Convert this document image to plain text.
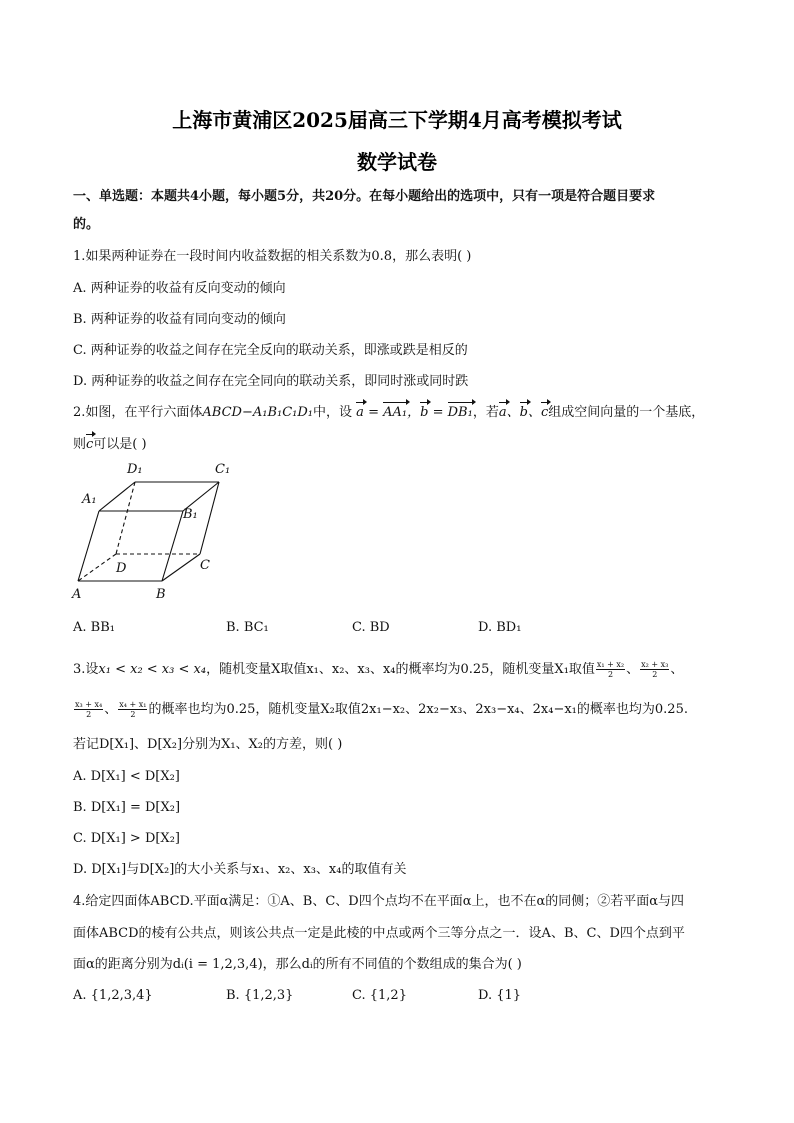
上海市黄浦区2025届高三下学期4月高考模拟考试
数学试卷
一、单选题：本题共4小题，每小题5分，共20分。在每小题给出的选项中，只有一项是符合题目要求
的。
1.如果两种证券在一段时间内收益数据的相关系数为0.8，那么表明( )
A. 两种证券的收益有反向变动的倾向
B. 两种证券的收益有同向变动的倾向
C. 两种证券的收益之间存在完全反向的联动关系，即涨或跌是相反的
D. 两种证券的收益之间存在完全同向的联动关系，即同时涨或同时跌
2.如图，在平行六面体ABCD−A₁B₁C₁D₁中，设 a = AA₁，b = DB₁，若a、b、c组成空间向量的一个基底，
则c可以是( )
D₁	C₁
A₁
B₁
D	C
A	B
A. BB₁	B. BC₁	C. BD	D. BD₁
3.设x₁ < x₂ < x₃ < x₄，随机变量X取值x₁、x₂、x₃、x₄的概率均为0.25，随机变量X₁取值 $\frac{\text{x₁ + x₂}}{2}$ 、 $\frac{\text{x₂ + x₃}}{2}$ 、
$\frac{\text{x₃ + x₄}}{2}$ 、 $\frac{\text{x₄ + x₁}}{2}$ 的概率也均为0.25，随机变量X₂取值2x₁−x₂、2x₂−x₃、2x₃−x₄、2x₄−x₁的概率也均为0.25.
若记D[X₁]、D[X₂]分别为X₁、X₂的方差，则( )
A. D[X₁] < D[X₂]
B. D[X₁] = D[X₂]
C. D[X₁] > D[X₂]
D. D[X₁]与D[X₂]的大小关系与x₁、x₂、x₃、x₄的取值有关
4.给定四面体ABCD.平面α满足：①A、B、C、D四个点均不在平面α上，也不在α的同侧；②若平面α与四
面体ABCD的棱有公共点，则该公共点一定是此棱的中点或两个三等分点之一．设A、B、C、D四个点到平
面α的距离分别为dᵢ(i = 1,2,3,4)，那么dᵢ的所有不同值的个数组成的集合为( )
A. {1,2,3,4}	B. {1,2,3}	C. {1,2}	D. {1}
